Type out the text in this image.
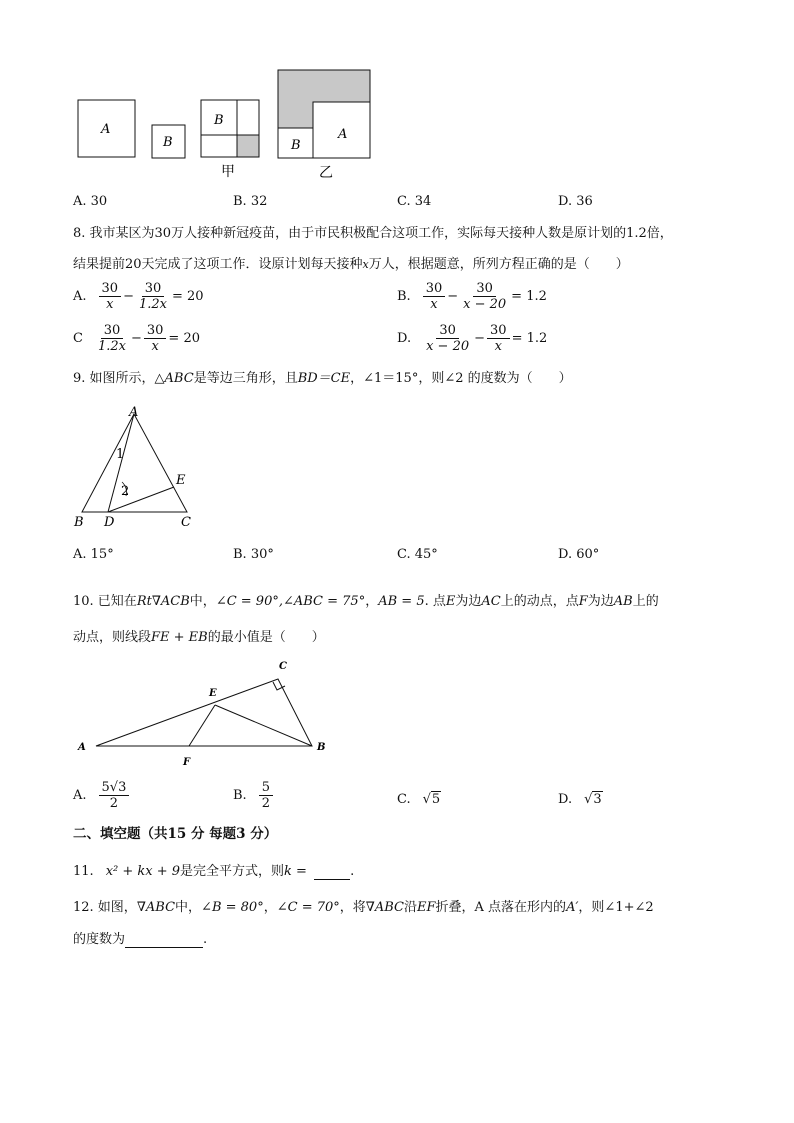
A
B
B
甲
A
B
乙
A. 30	B. 32	C. 34	D. 36
8. 我市某区为30万人接种新冠疫苗，由于市民积极配合这项工作，实际每天接种人数是原计划的1.2倍，
结果提前20天完成了这项工作．设原计划每天接种$^x$万人，根据题意，所列方程正确的是（　　）
A. $\frac{30}{x} - \frac{30}{1.2x} = 20$	B. $\frac{30}{x} - \frac{30}{x - 20} = 1.2$
C $\frac{30}{1.2x} - \frac{30}{x} = 20$	D. $\frac{30}{x - 20} - \frac{30}{x} = 1.2$
9. 如图所示，△ABC是等边三角形，且BD＝CE，∠1＝15°，则∠2 的度数为（　　）
A
B D	C
E
1
2
A. 15°	B. 30°	C. 45°	D. 60°
10. 已知在Rt∇ACB中，∠C = 90°,∠ABC = 75°，AB = 5. 点E为边AC上的动点，点F为边AB上的
动点，则线段FE + EB的最小值是（　　）
A	B
C
E
F
A. $\frac{5√3}{2}$	B. $\frac{5}{2}$	C. √ 5	D. √ 3
二、填空题（共15 分 每题3 分）
11. x² + kx + 9是完全平方式，则k =	.
12. 如图，∇ABC中，∠B = 80°，∠C = 70°，将∇ABC沿EF折叠，A 点落在形内的A′，则∠1+∠2
的度数为	.
